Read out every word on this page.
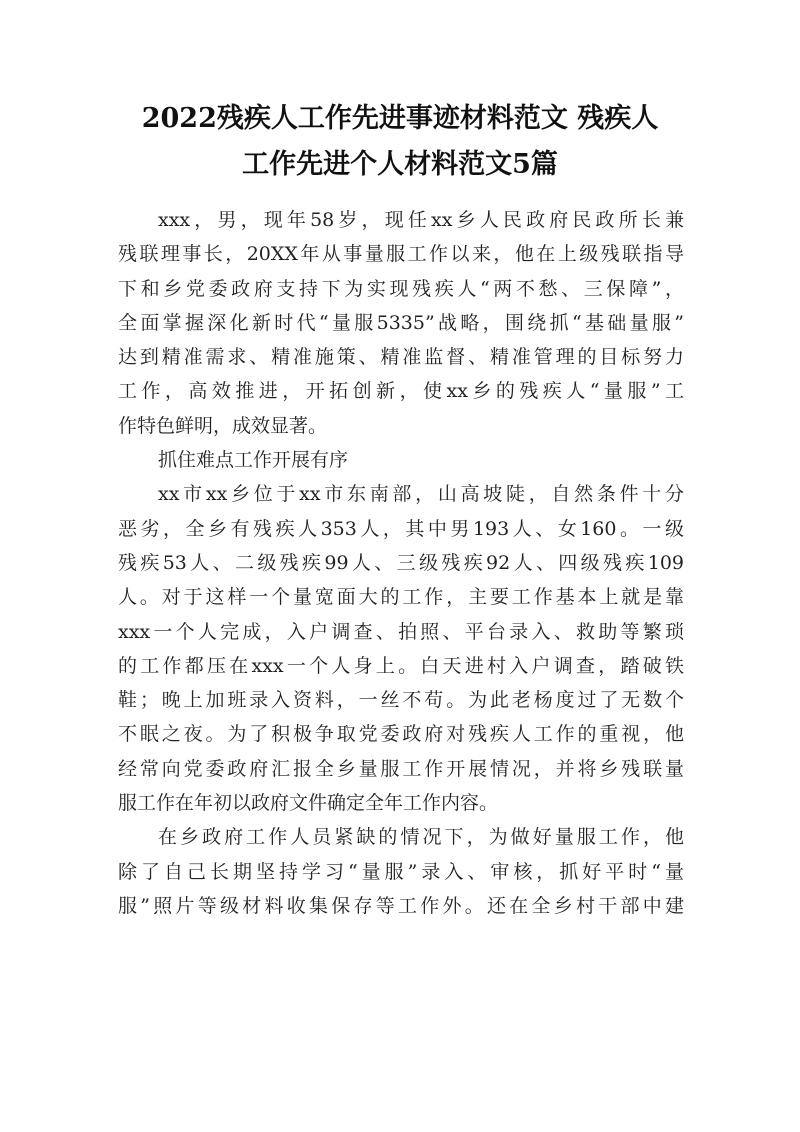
2022残疾人工作先进事迹材料范文 残疾人
工作先进个人材料范文5篇
xxx，男，现年58岁，现任xx乡人民政府民政所长兼
残联理事长，20XX年从事量服工作以来，他在上级残联指导
下和乡党委政府支持下为实现残疾人“两不愁、三保障”，
全面掌握深化新时代“量服5335”战略，围绕抓“基础量服”
达到精准需求、精准施策、精准监督、精准管理的目标努力
工作，高效推进，开拓创新，使xx乡的残疾人“量服”工
作特色鲜明，成效显著。
抓住难点工作开展有序
xx市xx乡位于xx市东南部，山高坡陡，自然条件十分
恶劣，全乡有残疾人353人，其中男193人、女160。一级
残疾53人、二级残疾99人、三级残疾92人、四级残疾109
人。对于这样一个量宽面大的工作，主要工作基本上就是靠
xxx一个人完成，入户调查、拍照、平台录入、救助等繁琐
的工作都压在xxx一个人身上。白天进村入户调查，踏破铁
鞋；晚上加班录入资料，一丝不苟。为此老杨度过了无数个
不眠之夜。为了积极争取党委政府对残疾人工作的重视，他
经常向党委政府汇报全乡量服工作开展情况，并将乡残联量
服工作在年初以政府文件确定全年工作内容。
在乡政府工作人员紧缺的情况下，为做好量服工作，他
除了自己长期坚持学习“量服”录入、审核，抓好平时“量
服”照片等级材料收集保存等工作外。还在全乡村干部中建
